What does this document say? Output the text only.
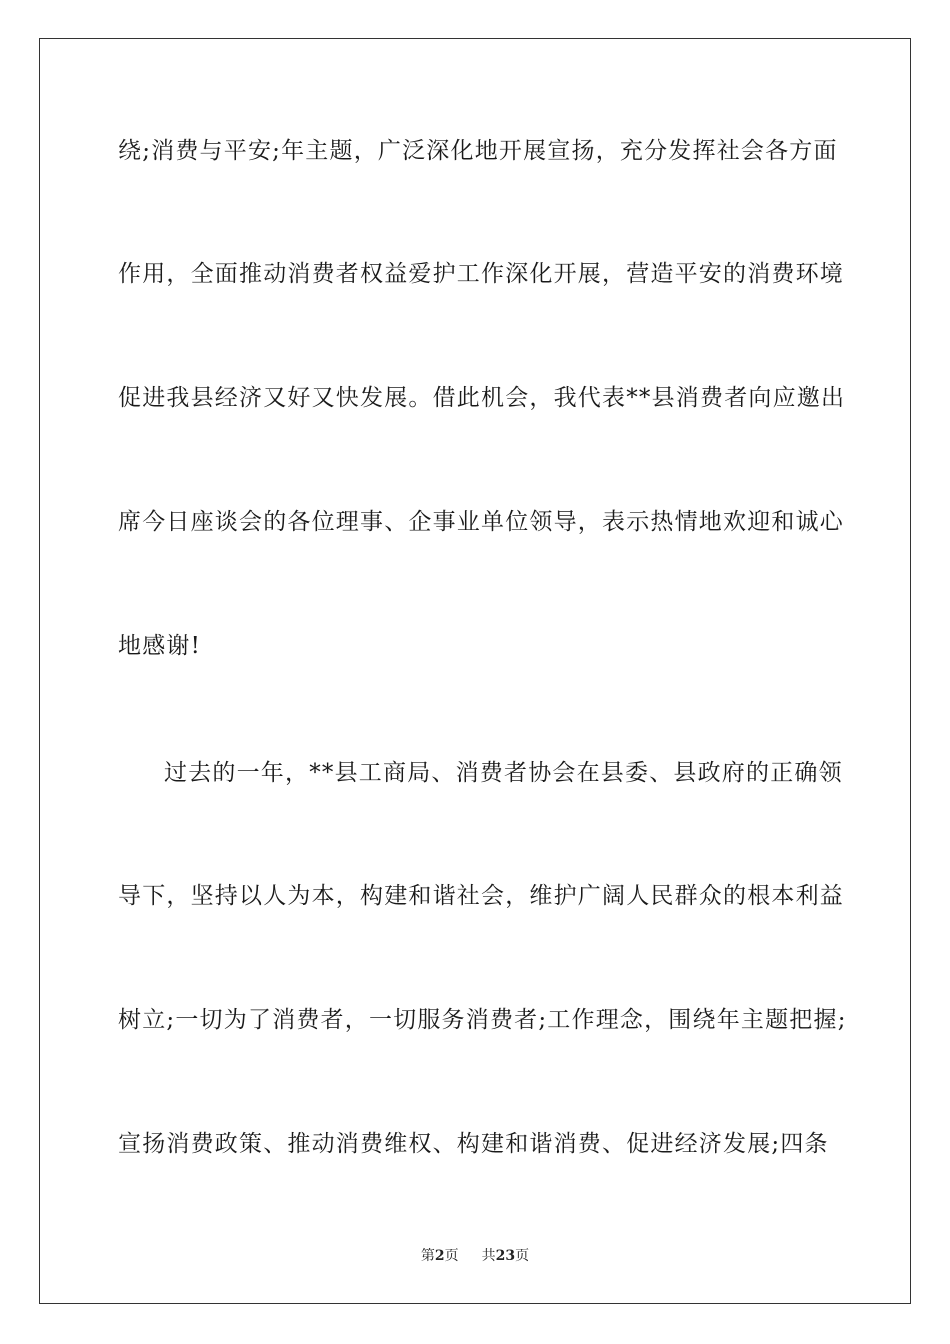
绕;消费与平安;年主题，广泛深化地开展宣扬，充分发挥社会各方面
作用，全面推动消费者权益爱护工作深化开展，营造平安的消费环境
促进我县经济又好又快发展。借此机会，我代表**县消费者向应邀出
席今日座谈会的各位理事、企事业单位领导，表示热情地欢迎和诚心
地感谢!
过去的一年，**县工商局、消费者协会在县委、县政府的正确领
导下，坚持以人为本，构建和谐社会，维护广阔人民群众的根本利益
树立;一切为了消费者，一切服务消费者;工作理念，围绕年主题把握;
宣扬消费政策、推动消费维权、构建和谐消费、促进经济发展;四条
第2页 共23页
